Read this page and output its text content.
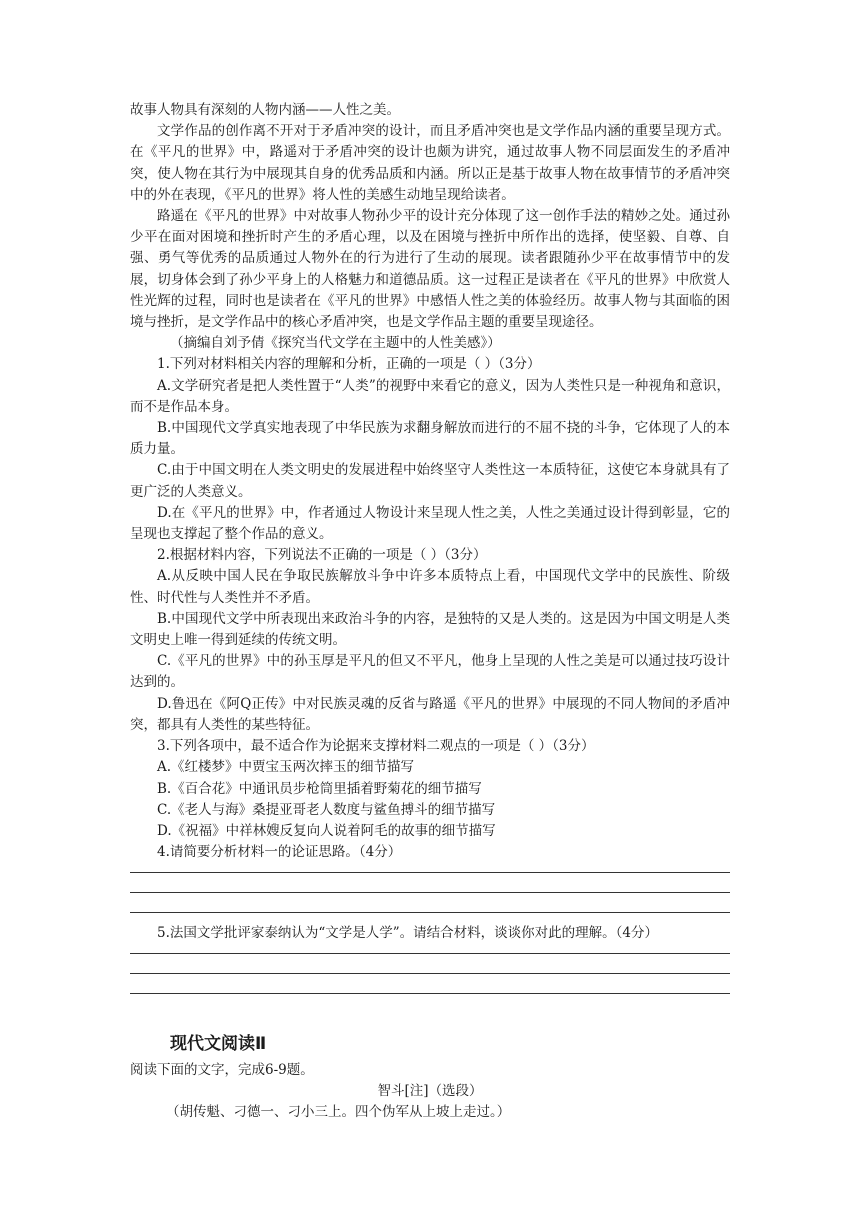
故事人物具有深刻的人物内涵——人性之美。

文学作品的创作离不开对于矛盾冲突的设计，而且矛盾冲突也是文学作品内涵的重要呈现方式。在《平凡的世界》中，路遥对于矛盾冲突的设计也颇为讲究，通过故事人物不同层面发生的矛盾冲突，使人物在其行为中展现其自身的优秀品质和内涵。所以正是基于故事人物在故事情节的矛盾冲突中的外在表现，《平凡的世界》将人性的美感生动地呈现给读者。

路遥在《平凡的世界》中对故事人物孙少平的设计充分体现了这一创作手法的精妙之处。通过孙少平在面对困境和挫折时产生的矛盾心理，以及在困境与挫折中所作出的选择，使坚毅、自尊、自强、勇气等优秀的品质通过人物外在的行为进行了生动的展现。读者跟随孙少平在故事情节中的发展，切身体会到了孙少平身上的人格魅力和道德品质。这一过程正是读者在《平凡的世界》中欣赏人性光辉的过程，同时也是读者在《平凡的世界》中感悟人性之美的体验经历。故事人物与其面临的困境与挫折，是文学作品中的核心矛盾冲突，也是文学作品主题的重要呈现途径。

（摘编自刘予倩《探究当代文学在主题中的人性美感》）

1.下列对材料相关内容的理解和分析，正确的一项是（ ）（3分）

A.文学研究者是把人类性置于“人类”的视野中来看它的意义，因为人类性只是一种视角和意识，而不是作品本身。

B.中国现代文学真实地表现了中华民族为求翻身解放而进行的不屈不挠的斗争，它体现了人的本质力量。

C.由于中国文明在人类文明史的发展进程中始终坚守人类性这一本质特征，这使它本身就具有了更广泛的人类意义。

D.在《平凡的世界》中，作者通过人物设计来呈现人性之美，人性之美通过设计得到彰显，它的呈现也支撑起了整个作品的意义。

2.根据材料内容，下列说法不正确的一项是（ ）（3分）

A.从反映中国人民在争取民族解放斗争中许多本质特点上看，中国现代文学中的民族性、阶级性、时代性与人类性并不矛盾。

B.中国现代文学中所表现出来政治斗争的内容，是独特的又是人类的。这是因为中国文明是人类文明史上唯一得到延续的传统文明。

C.《平凡的世界》中的孙玉厚是平凡的但又不平凡，他身上呈现的人性之美是可以通过技巧设计达到的。

D.鲁迅在《阿Q正传》中对民族灵魂的反省与路遥《平凡的世界》中展现的不同人物间的矛盾冲突，都具有人类性的某些特征。

3.下列各项中，最不适合作为论据来支撑材料二观点的一项是（ ）（3分）

A.《红楼梦》中贾宝玉两次摔玉的细节描写

B.《百合花》中通讯员步枪筒里插着野菊花的细节描写

C.《老人与海》桑提亚哥老人数度与鲨鱼搏斗的细节描写

D.《祝福》中祥林嫂反复向人说着阿毛的故事的细节描写

4.请简要分析材料一的论证思路。（4分）

5.法国文学批评家泰纳认为“文学是人学”。请结合材料，谈谈你对此的理解。（4分）

现代文阅读Ⅱ

阅读下面的文字，完成6-9题。

智斗[注]（选段）

（胡传魁、刁德一、刁小三上。四个伪军从上坡上走过。）
